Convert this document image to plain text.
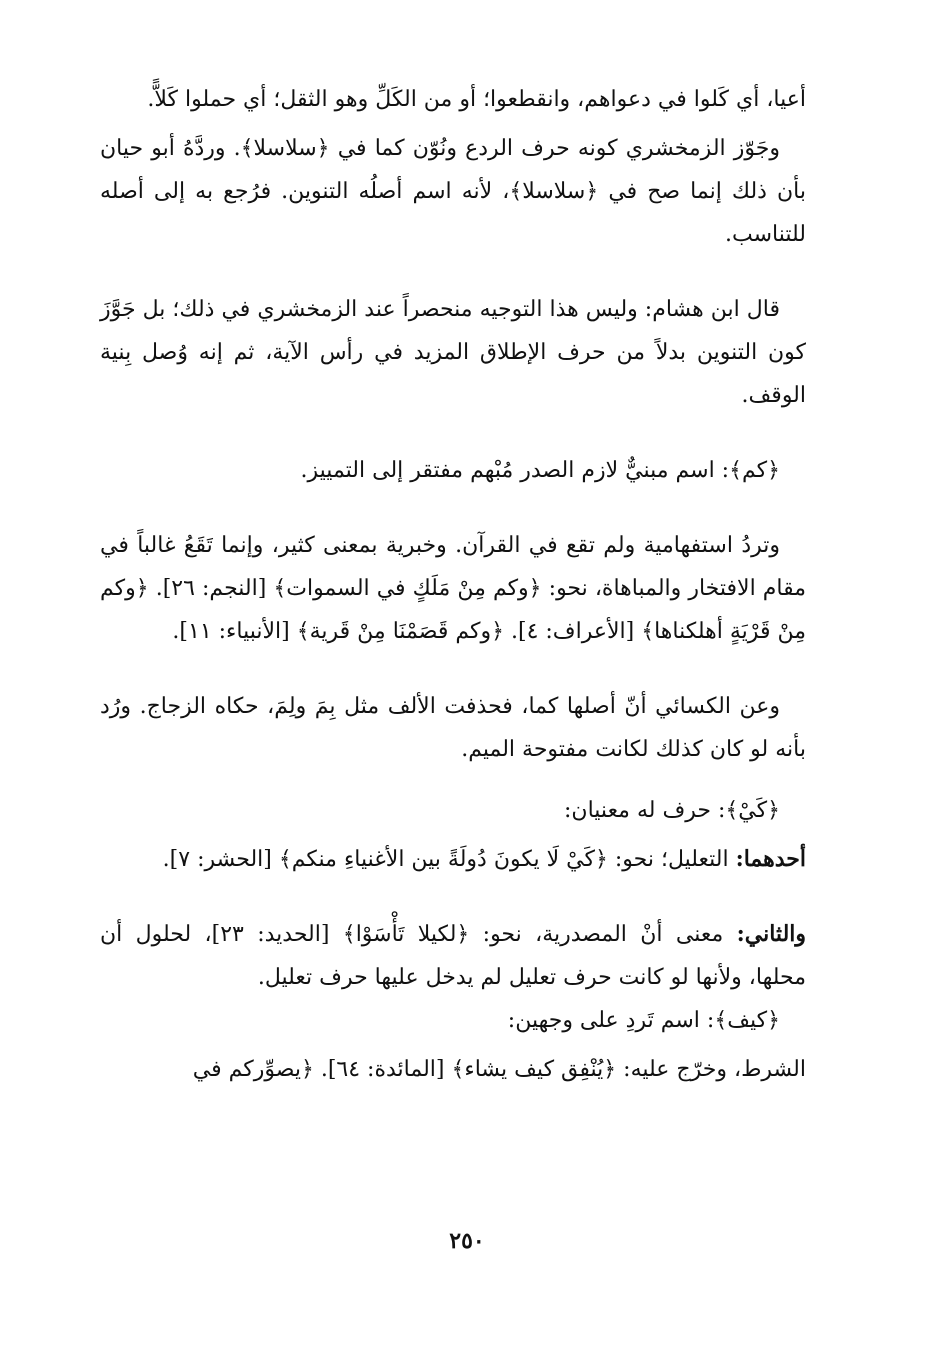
أعيا، أي كَلوا في دعواهم، وانقطعوا؛ أو من الكَلِّ وهو الثقل؛ أي حملوا كَلاًّ.

وجَوّز الزمخشري كونه حرف الردع ونُوّن كما في ﴿سلاسلا﴾. وردَّهُ أبو حيان بأن ذلك إنما صح في ﴿سلاسلا﴾، لأنه اسم أصلُه التنوين. فرُجع به إلى أصله للتناسب.

قال ابن هشام: وليس هذا التوجيه منحصراً عند الزمخشري في ذلك؛ بل جَوَّزَ كون التنوين بدلاً من حرف الإطلاق المزيد في رأس الآية، ثم إنه وُصل بِنية الوقف.

﴿كم﴾: اسم مبنيٌّ لازم الصدر مُبْهم مفتقر إلى التمييز.

وتردُ استفهامية ولم تقع في القرآن. وخبرية بمعنى كثير، وإنما تَقَعُ غالباً في مقام الافتخار والمباهاة، نحو: ﴿وكم مِنْ مَلَكٍ في السموات﴾ [النجم: ٢٦]. ﴿وكم مِنْ قَرْيَةٍ أهلكناها﴾ [الأعراف: ٤]. ﴿وكم قَصَمْنَا مِنْ قَرية﴾ [الأنبياء: ١١].

وعن الكسائي أنّ أصلها كما، فحذفت الألف مثل بِمَ ولِمَ، حكاه الزجاج. ورُد بأنه لو كان كذلك لكانت مفتوحة الميم.

﴿كَيْ﴾: حرف له معنيان:

أحدهما: التعليل؛ نحو: ﴿كَيْ لَا يكونَ دُولَةً بين الأغنياءِ منكم﴾ [الحشر: ٧].

والثاني: معنى أنْ المصدرية، نحو: ﴿لكيلا تَأْسَوْا﴾ [الحديد: ٢٣]، لحلول أن محلها، ولأنها لو كانت حرف تعليل لم يدخل عليها حرف تعليل.

﴿كيف﴾: اسم تَردِ على وجهين:

الشرط، وخرّج عليه: ﴿يُنْفِق كيف يشاء﴾ [المائدة: ٦٤]. ﴿يصوِّركم في

٢٥٠
